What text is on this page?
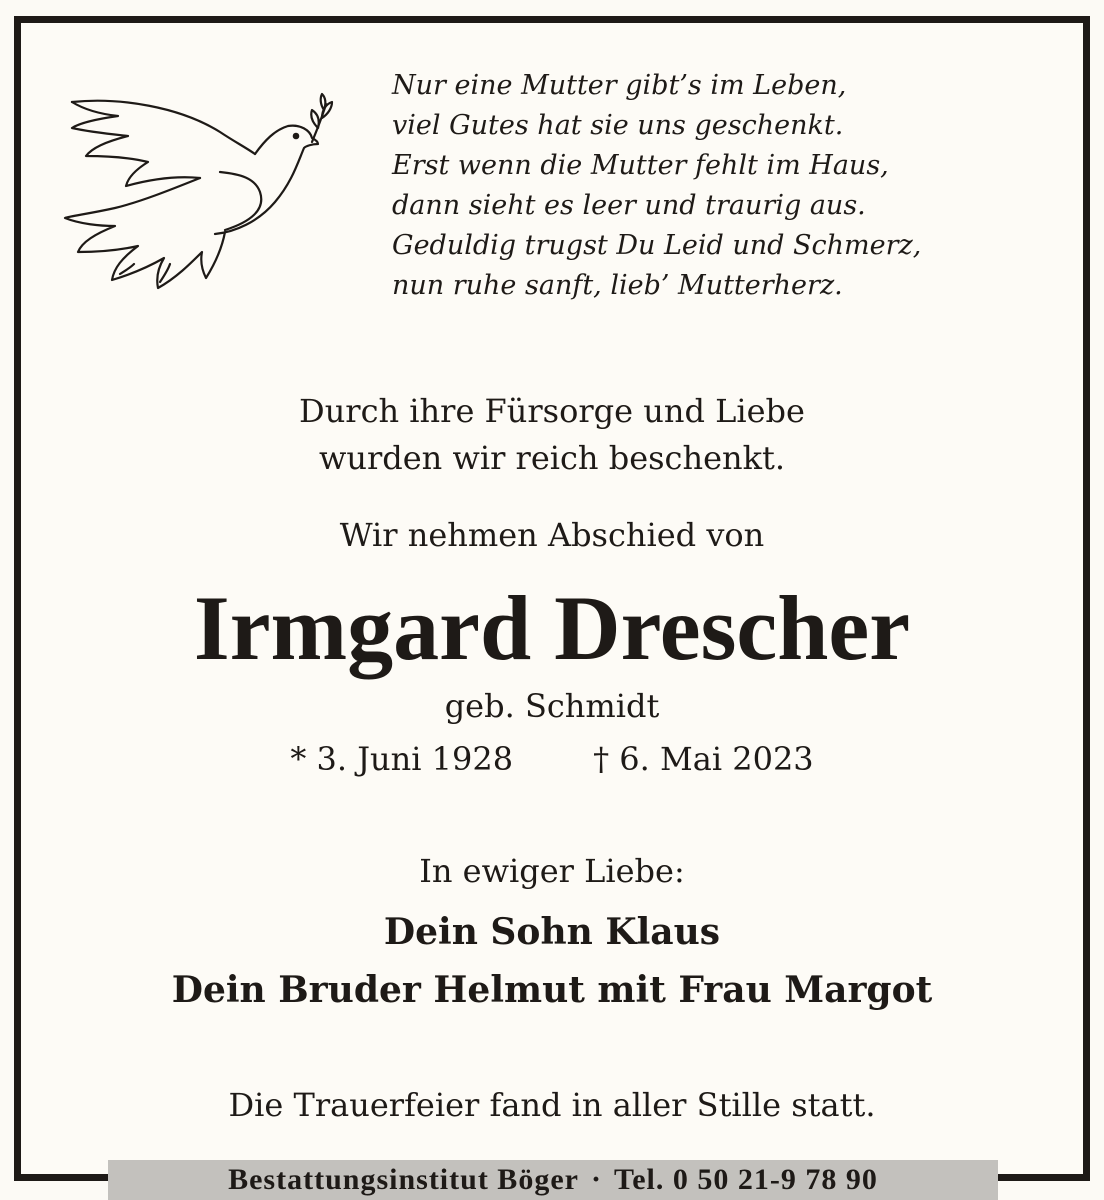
Nur eine Mutter gibt’s im Leben,
viel Gutes hat sie uns geschenkt.
Erst wenn die Mutter fehlt im Haus,
dann sieht es leer und traurig aus.
Geduldig trugst Du Leid und Schmerz,
nun ruhe sanft, lieb’ Mutterherz.
Durch ihre Fürsorge und Liebe
wurden wir reich beschenkt.
Wir nehmen Abschied von
Irmgard Drescher
geb. Schmidt
* 3. Juni 1928	† 6. Mai 2023
In ewiger Liebe:
Dein Sohn Klaus
Dein Bruder Helmut mit Frau Margot
Die Trauerfeier fand in aller Stille statt.
Bestattungsinstitut Böger · Tel. 0 50 21-9 78 90
